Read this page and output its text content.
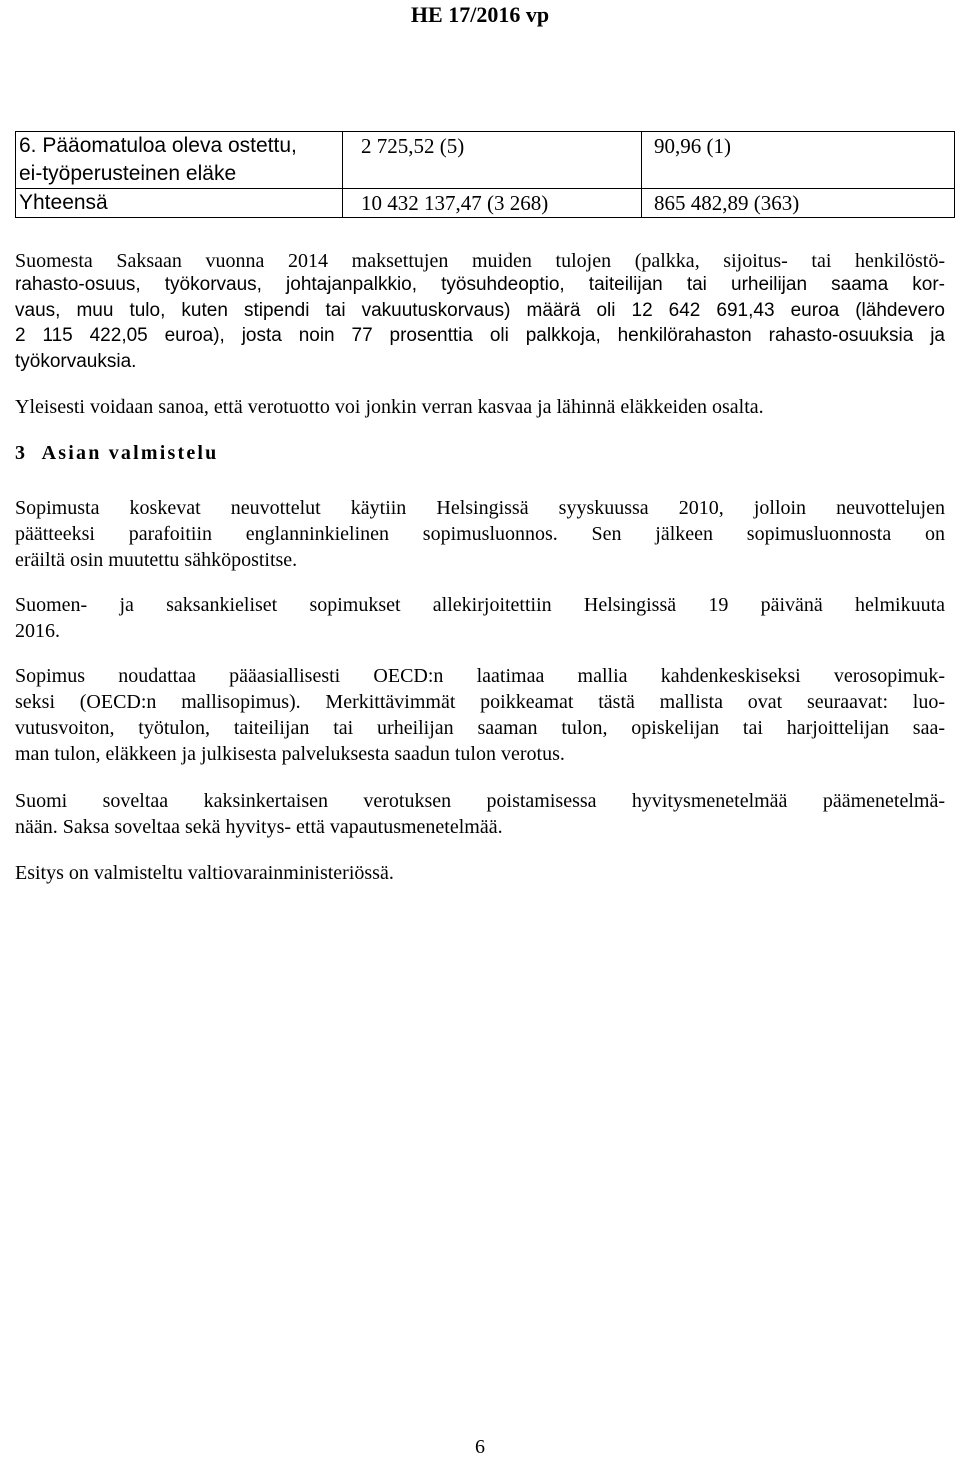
HE 17/2016 vp
6. Pääomatuloa oleva ostettu,
ei-työperusteinen eläke	2 725,52 (5)	90,96 (1)
Yhteensä	10 432 137,47 (3 268)	865 482,89 (363)
Suomesta Saksaan vuonna 2014 maksettujen muiden tulojen (palkka, sijoitus- tai henkilöstö-
rahasto-osuus, työkorvaus, johtajanpalkkio, työsuhdeoptio, taiteilijan tai urheilijan saama kor-
vaus, muu tulo, kuten stipendi tai vakuutuskorvaus) määrä oli 12 642 691,43 euroa (lähdevero
2 115 422,05 euroa), josta noin 77 prosenttia oli palkkoja, henkilörahaston rahasto-osuuksia ja
työkorvauksia.
Yleisesti voidaan sanoa, että verotuotto voi jonkin verran kasvaa ja lähinnä eläkkeiden osalta.
3 Asian valmistelu
Sopimusta koskevat neuvottelut käytiin Helsingissä syyskuussa 2010, jolloin neuvottelujen
päätteeksi parafoitiin englanninkielinen sopimusluonnos. Sen jälkeen sopimusluonnosta on
eräiltä osin muutettu sähköpostitse.
Suomen- ja saksankieliset sopimukset allekirjoitettiin Helsingissä 19 päivänä helmikuuta
2016.
Sopimus noudattaa pääasiallisesti OECD:n laatimaa mallia kahdenkeskiseksi verosopimuk-
seksi (OECD:n mallisopimus). Merkittävimmät poikkeamat tästä mallista ovat seuraavat: luo-
vutusvoiton, työtulon, taiteilijan tai urheilijan saaman tulon, opiskelijan tai harjoittelijan saa-
man tulon, eläkkeen ja julkisesta palveluksesta saadun tulon verotus.
Suomi soveltaa kaksinkertaisen verotuksen poistamisessa hyvitysmenetelmää päämenetelmä-
nään. Saksa soveltaa sekä hyvitys- että vapautusmenetelmää.
Esitys on valmisteltu valtiovarainministeriössä.
6
